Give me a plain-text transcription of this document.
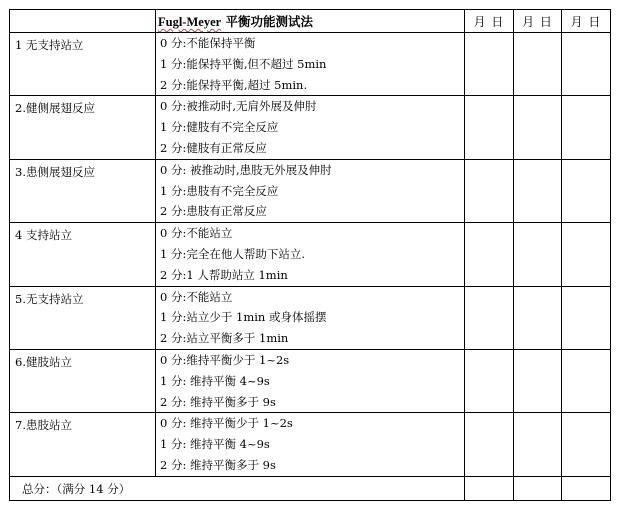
	Fugl-Meyer 平衡功能测试法	月 日	月 日	月 日
1 无支持站立	0 分:不能保持平衡
1 分:能保持平衡,但不超过 5min
2 分:能保持平衡,超过 5min.			

2.健侧展翅反应	0 分:被推动时,无肩外展及伸肘
1 分:健肢有不完全反应
2 分:健肢有正常反应			

3.患侧展翅反应	0 分: 被推动时,患肢无外展及伸肘
1 分:患肢有不完全反应
2 分:患肢有正常反应			

4 支持站立	0 分:不能站立
1 分:完全在他人帮助下站立.
2 分:1 人帮助站立 1min			

5.无支持站立	0 分:不能站立
1 分:站立少于 1min 或身体摇摆
2 分:站立平衡多于 1min			

6.健肢站立	0 分:维持平衡少于 1~2s
1 分: 维持平衡 4~9s
2 分: 维持平衡多于 9s			

7.患肢站立	0 分: 维持平衡少于 1~2s
1 分: 维持平衡 4~9s
2 分: 维持平衡多于 9s			

总分：（满分 14 分）				
